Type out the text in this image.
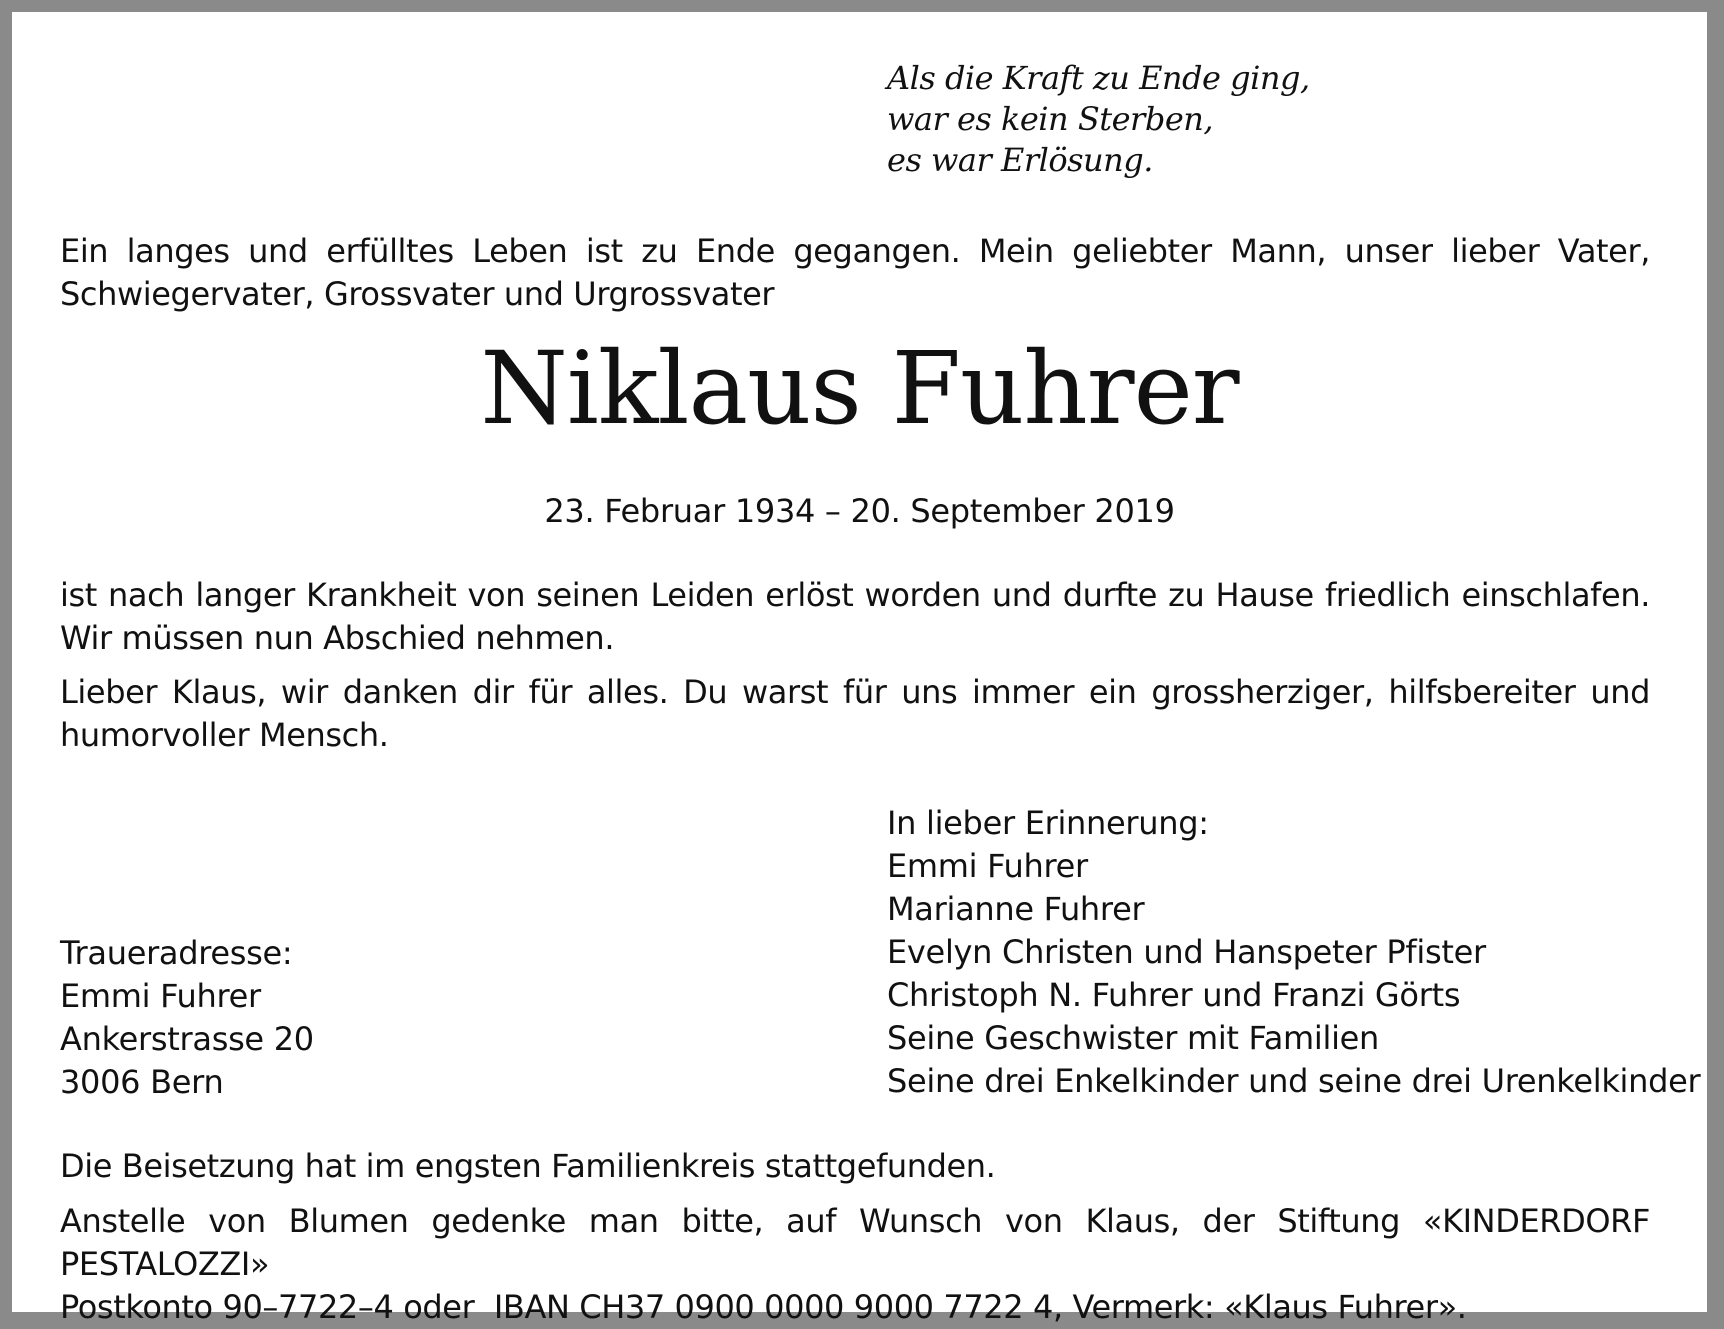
Als die Kraft zu Ende ging,
war es kein Sterben,
es war Erlösung.
Ein langes und erfülltes Leben ist zu Ende gegangen. Mein geliebter Mann, unser lieber Vater, Schwiegervater, Grossvater und Urgrossvater
Niklaus Fuhrer
23. Februar 1934 – 20. September 2019
ist nach langer Krankheit von seinen Leiden erlöst worden und durfte zu Hause friedlich einschlafen. Wir müssen nun Abschied nehmen.
Lieber Klaus, wir danken dir für alles. Du warst für uns immer ein grossherziger, hilfsbereiter und humorvoller Mensch.
In lieber Erinnerung:
Emmi Fuhrer
Marianne Fuhrer
Evelyn Christen und Hanspeter Pfister
Christoph N. Fuhrer und Franzi Görts
Seine Geschwister mit Familien
Seine drei Enkelkinder und seine drei Urenkelkinder
Traueradresse:
Emmi Fuhrer
Ankerstrasse 20
3006 Bern
Die Beisetzung hat im engsten Familienkreis stattgefunden.
Anstelle von Blumen gedenke man bitte, auf Wunsch von Klaus, der Stiftung «KINDERDORF PESTALOZZI»
Postkonto 90–7722–4 oder  IBAN CH37 0900 0000 9000 7722 4, Vermerk: «Klaus Fuhrer».
